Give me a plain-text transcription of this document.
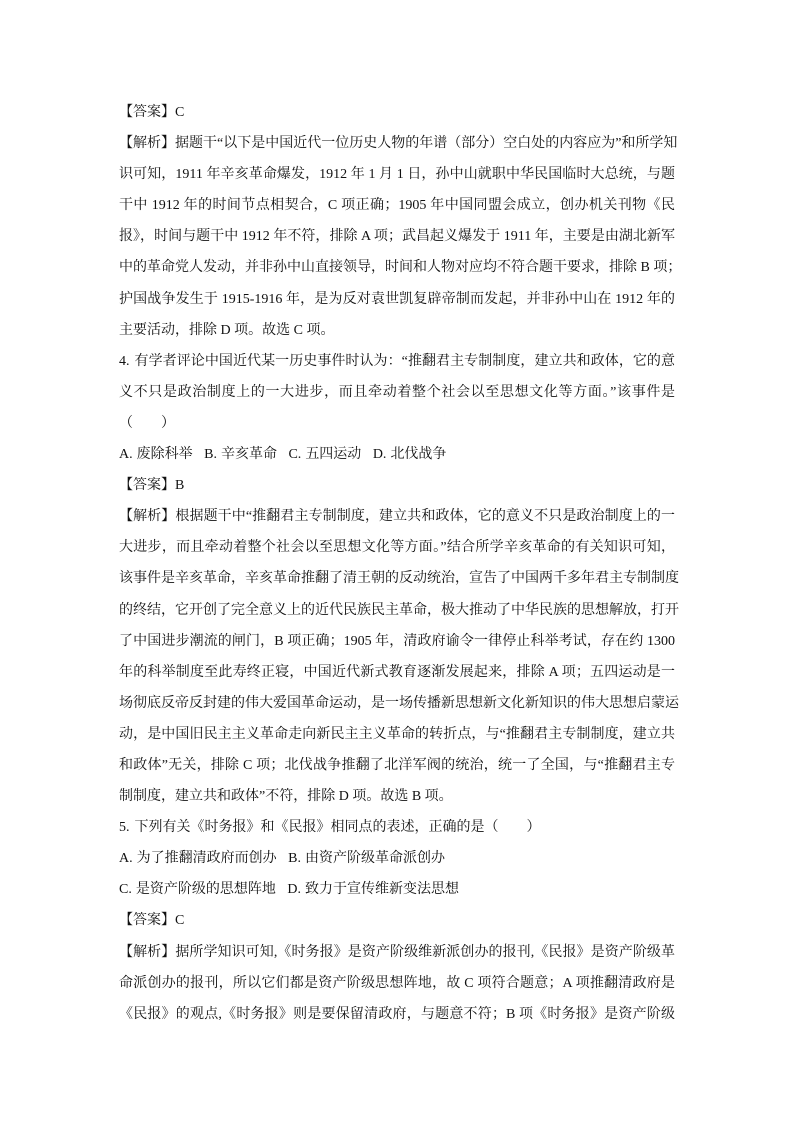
【答案】C
【解析】据题干“以下是中国近代一位历史人物的年谱（部分）空白处的内容应为”和所学知
识可知，1911 年辛亥革命爆发，1912 年 1 月 1 日，孙中山就职中华民国临时大总统，与题
干中 1912 年的时间节点相契合，C 项正确；1905 年中国同盟会成立，创办机关刊物《民
报》，时间与题干中 1912 年不符，排除 A 项；武昌起义爆发于 1911 年，主要是由湖北新军
中的革命党人发动，并非孙中山直接领导，时间和人物对应均不符合题干要求，排除 B 项；
护国战争发生于 1915-1916 年，是为反对袁世凯复辟帝制而发起，并非孙中山在 1912 年的
主要活动，排除 D 项。故选 C 项。
4. 有学者评论中国近代某一历史事件时认为：“推翻君主专制制度，建立共和政体，它的意
义不只是政治制度上的一大进步，而且牵动着整个社会以至思想文化等方面。”该事件是
（　　）
A. 废除科举 B. 辛亥革命 C. 五四运动 D. 北伐战争
【答案】B
【解析】根据题干中“推翻君主专制制度，建立共和政体，它的意义不只是政治制度上的一
大进步，而且牵动着整个社会以至思想文化等方面。”结合所学辛亥革命的有关知识可知，
该事件是辛亥革命，辛亥革命推翻了清王朝的反动统治，宣告了中国两千多年君主专制制度
的终结，它开创了完全意义上的近代民族民主革命，极大推动了中华民族的思想解放，打开
了中国进步潮流的闸门，B 项正确；1905 年，清政府谕令一律停止科举考试，存在约 1300
年的科举制度至此寿终正寝，中国近代新式教育逐渐发展起来，排除 A 项；五四运动是一
场彻底反帝反封建的伟大爱国革命运动，是一场传播新思想新文化新知识的伟大思想启蒙运
动，是中国旧民主主义革命走向新民主主义革命的转折点，与“推翻君主专制制度，建立共
和政体”无关，排除 C 项；北伐战争推翻了北洋军阀的统治，统一了全国，与“推翻君主专
制制度，建立共和政体”不符，排除 D 项。故选 B 项。
5. 下列有关《时务报》和《民报》相同点的表述，正确的是（　　）
A. 为了推翻清政府而创办 B. 由资产阶级革命派创办
C. 是资产阶级的思想阵地 D. 致力于宣传维新变法思想
【答案】C
【解析】据所学知识可知,《时务报》是资产阶级维新派创办的报刊,《民报》是资产阶级革
命派创办的报刊，所以它们都是资产阶级思想阵地，故 C 项符合题意；A 项推翻清政府是
《民报》的观点,《时务报》则是要保留清政府，与题意不符；B 项《时务报》是资产阶级
